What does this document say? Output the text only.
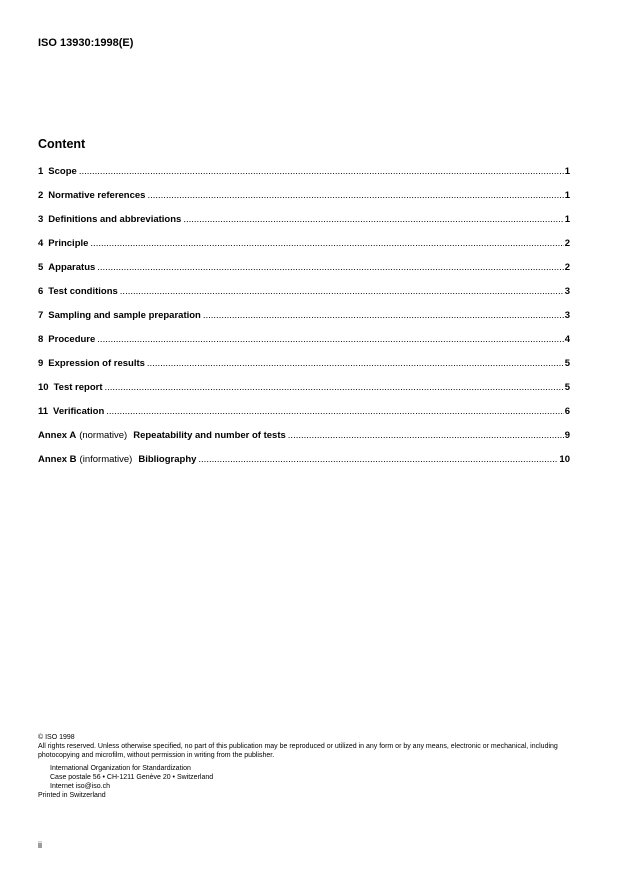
ISO 13930:1998(E)

Content
1 Scope .....	1
2 Normative references .....	1
3 Definitions and abbreviations .....	1
4 Principle .....	2
5 Apparatus .....	2
6 Test conditions .....	3
7 Sampling and sample preparation .....	3
8 Procedure .....	4
9 Expression of results .....	5
10 Test report .....	5
11 Verification .....	6
Annex A (normative) Repeatability and number of tests .....	9
Annex B (informative) Bibliography .....	10

© ISO 1998

All rights reserved. Unless otherwise specified, no part of this publication may be reproduced or utilized in any form or by any means, electronic or mechanical, including photocopying and microfilm, without permission in writing from the publisher.

International Organization for Standardization

Case postale 56 • CH-1211 Genève 20 • Switzerland

Internet iso@iso.ch

Printed in Switzerland

ii
